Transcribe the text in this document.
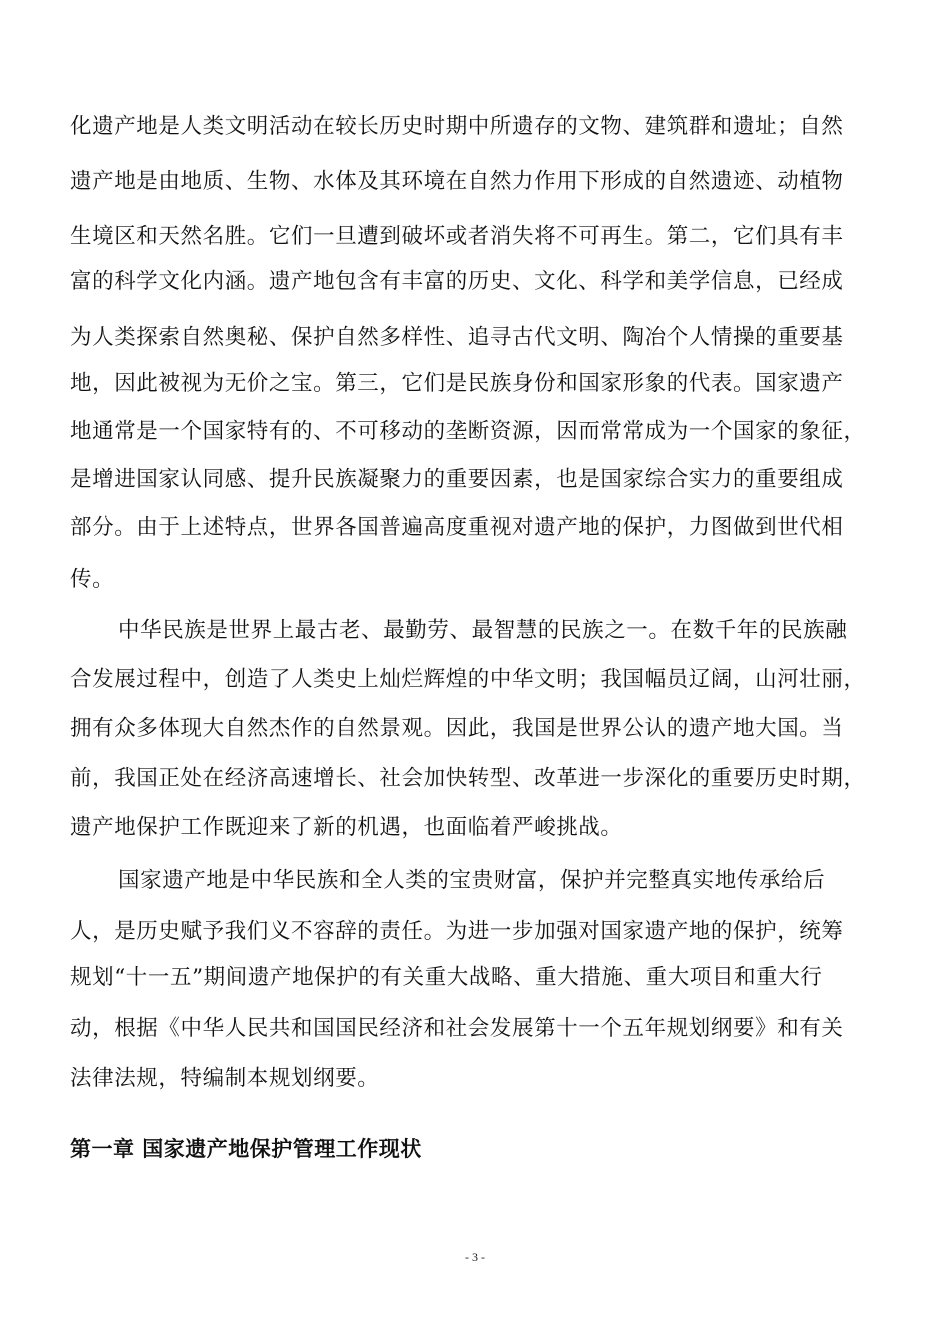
化遗产地是人类文明活动在较长历史时期中所遗存的文物、建筑群和遗址；自然
遗产地是由地质、生物、水体及其环境在自然力作用下形成的自然遗迹、动植物
生境区和天然名胜。它们一旦遭到破坏或者消失将不可再生。第二，它们具有丰
富的科学文化内涵。遗产地包含有丰富的历史、文化、科学和美学信息，已经成
为人类探索自然奥秘、保护自然多样性、追寻古代文明、陶冶个人情操的重要基
地，因此被视为无价之宝。第三，它们是民族身份和国家形象的代表。国家遗产
地通常是一个国家特有的、不可移动的垄断资源，因而常常成为一个国家的象征，
是增进国家认同感、提升民族凝聚力的重要因素，也是国家综合实力的重要组成
部分。由于上述特点，世界各国普遍高度重视对遗产地的保护，力图做到世代相
传。
中华民族是世界上最古老、最勤劳、最智慧的民族之一。在数千年的民族融
合发展过程中，创造了人类史上灿烂辉煌的中华文明；我国幅员辽阔，山河壮丽，
拥有众多体现大自然杰作的自然景观。因此，我国是世界公认的遗产地大国。当
前，我国正处在经济高速增长、社会加快转型、改革进一步深化的重要历史时期，
遗产地保护工作既迎来了新的机遇，也面临着严峻挑战。
国家遗产地是中华民族和全人类的宝贵财富，保护并完整真实地传承给后
人，是历史赋予我们义不容辞的责任。为进一步加强对国家遗产地的保护，统筹
规划“十一五”期间遗产地保护的有关重大战略、重大措施、重大项目和重大行
动，根据《中华人民共和国国民经济和社会发展第十一个五年规划纲要》和有关
法律法规，特编制本规划纲要。
第一章 国家遗产地保护管理工作现状
- 3 -
